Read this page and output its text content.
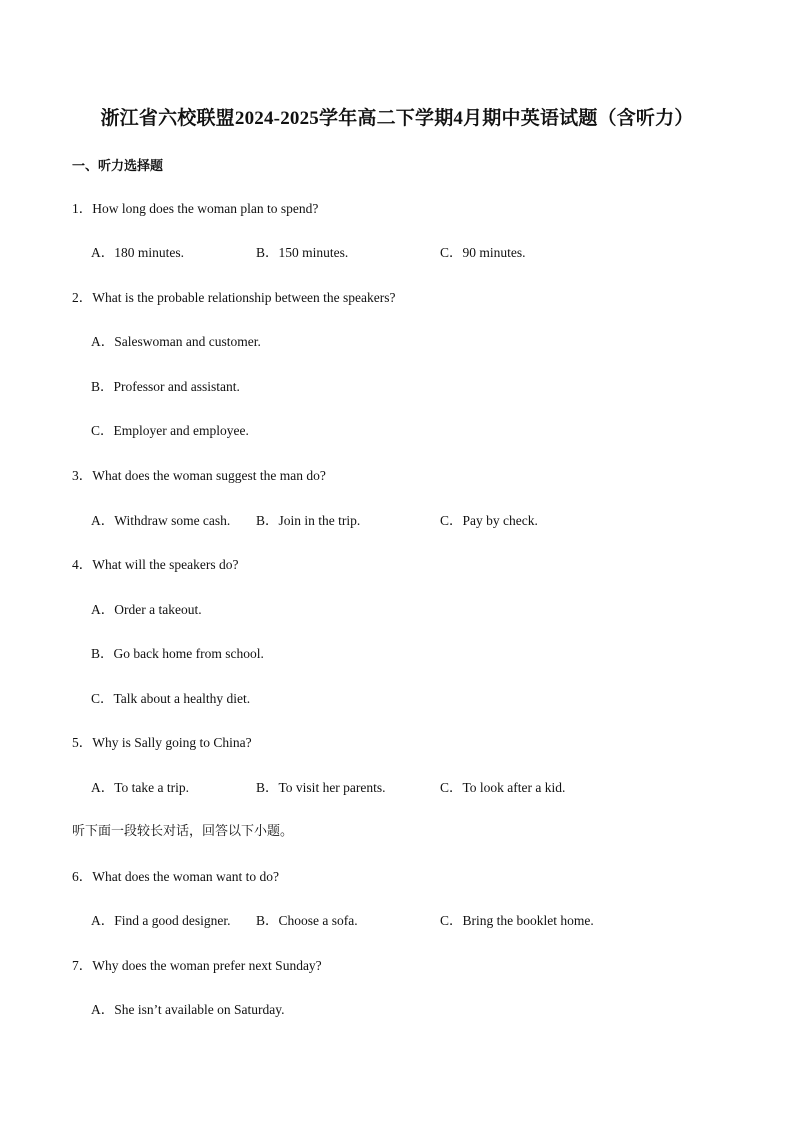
浙江省六校联盟2024-2025学年高二下学期4月期中英语试题（含听力）
一、听力选择题
1．How long does the woman plan to spend?
A．180 minutes.	B．150 minutes.	C．90 minutes.
2．What is the probable relationship between the speakers?
A．Saleswoman and customer.
B．Professor and assistant.
C．Employer and employee.
3．What does the woman suggest the man do?
A．Withdraw some cash. B．Join in the trip.	C．Pay by check.
4．What will the speakers do?
A．Order a takeout.
B．Go back home from school.
C．Talk about a healthy diet.
5．Why is Sally going to China?
A．To take a trip.	B．To visit her parents.	C．To look after a kid.
听下面一段较长对话，回答以下小题。
6．What does the woman want to do?
A．Find a good designer. B．Choose a sofa.	C．Bring the booklet home.
7．Why does the woman prefer next Sunday?
A．She isn’t available on Saturday.
